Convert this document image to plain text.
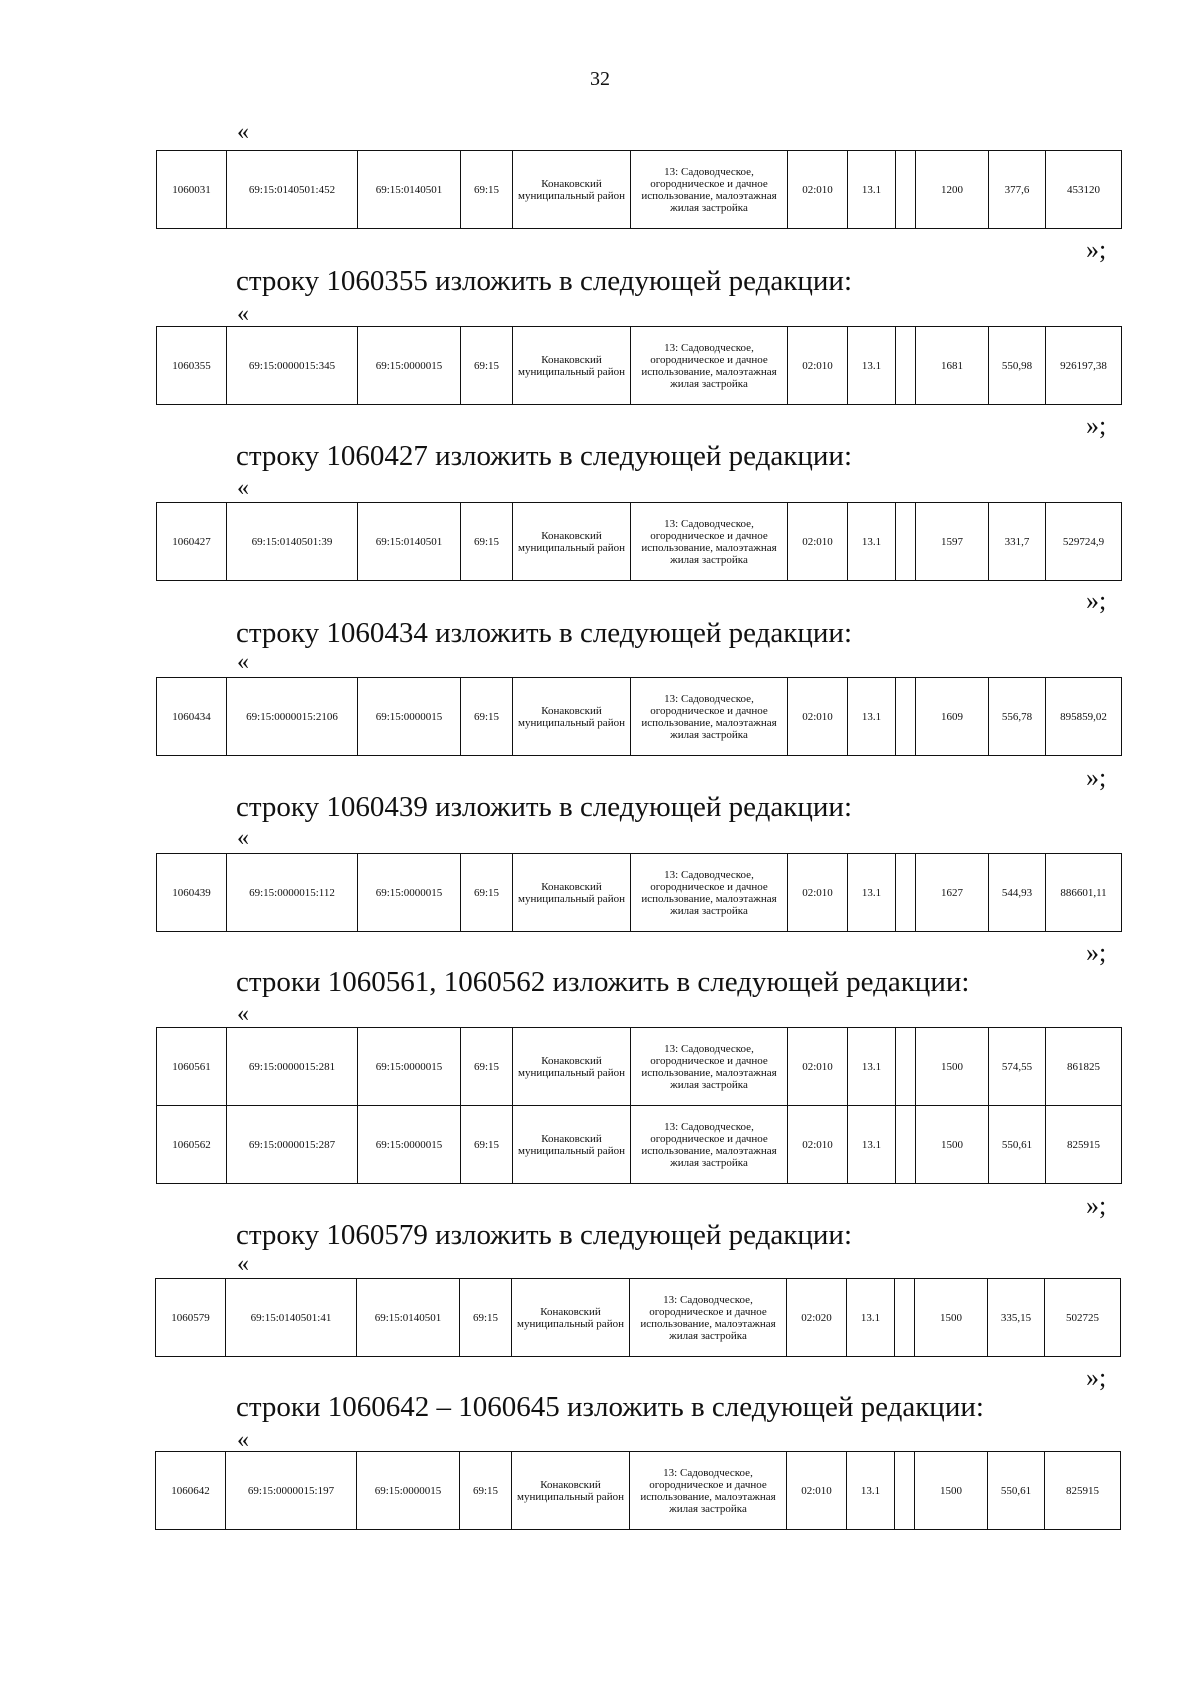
32
«
1060031	69:15:0140501:452	69:15:0140501	69:15	Конаковский муниципальный район	13: Садоводческое, огородническое и дачное использование, малоэтажная жилая застройка	02:010	13.1		1200	377,6	453120
»;
строку 1060355 изложить в следующей редакции:
«
1060355	69:15:0000015:345	69:15:0000015	69:15	Конаковский муниципальный район	13: Садоводческое, огородническое и дачное использование, малоэтажная жилая застройка	02:010	13.1		1681	550,98	926197,38
»;
строку 1060427 изложить в следующей редакции:
«
1060427	69:15:0140501:39	69:15:0140501	69:15	Конаковский муниципальный район	13: Садоводческое, огородническое и дачное использование, малоэтажная жилая застройка	02:010	13.1		1597	331,7	529724,9
»;
строку 1060434 изложить в следующей редакции:
«
1060434	69:15:0000015:2106	69:15:0000015	69:15	Конаковский муниципальный район	13: Садоводческое, огородническое и дачное использование, малоэтажная жилая застройка	02:010	13.1		1609	556,78	895859,02
»;
строку 1060439 изложить в следующей редакции:
«
1060439	69:15:0000015:112	69:15:0000015	69:15	Конаковский муниципальный район	13: Садоводческое, огородническое и дачное использование, малоэтажная жилая застройка	02:010	13.1		1627	544,93	886601,11
»;
строки 1060561, 1060562 изложить в следующей редакции:
«
1060561	69:15:0000015:281	69:15:0000015	69:15	Конаковский муниципальный район	13: Садоводческое, огородническое и дачное использование, малоэтажная жилая застройка	02:010	13.1		1500	574,55	861825
1060562	69:15:0000015:287	69:15:0000015	69:15	Конаковский муниципальный район	13: Садоводческое, огородническое и дачное использование, малоэтажная жилая застройка	02:010	13.1		1500	550,61	825915
»;
строку 1060579 изложить в следующей редакции:
«
1060579	69:15:0140501:41	69:15:0140501	69:15	Конаковский муниципальный район	13: Садоводческое, огородническое и дачное использование, малоэтажная жилая застройка	02:020	13.1		1500	335,15	502725
»;
строки 1060642 – 1060645 изложить в следующей редакции:
«
1060642	69:15:0000015:197	69:15:0000015	69:15	Конаковский муниципальный район	13: Садоводческое, огородническое и дачное использование, малоэтажная жилая застройка	02:010	13.1		1500	550,61	825915
